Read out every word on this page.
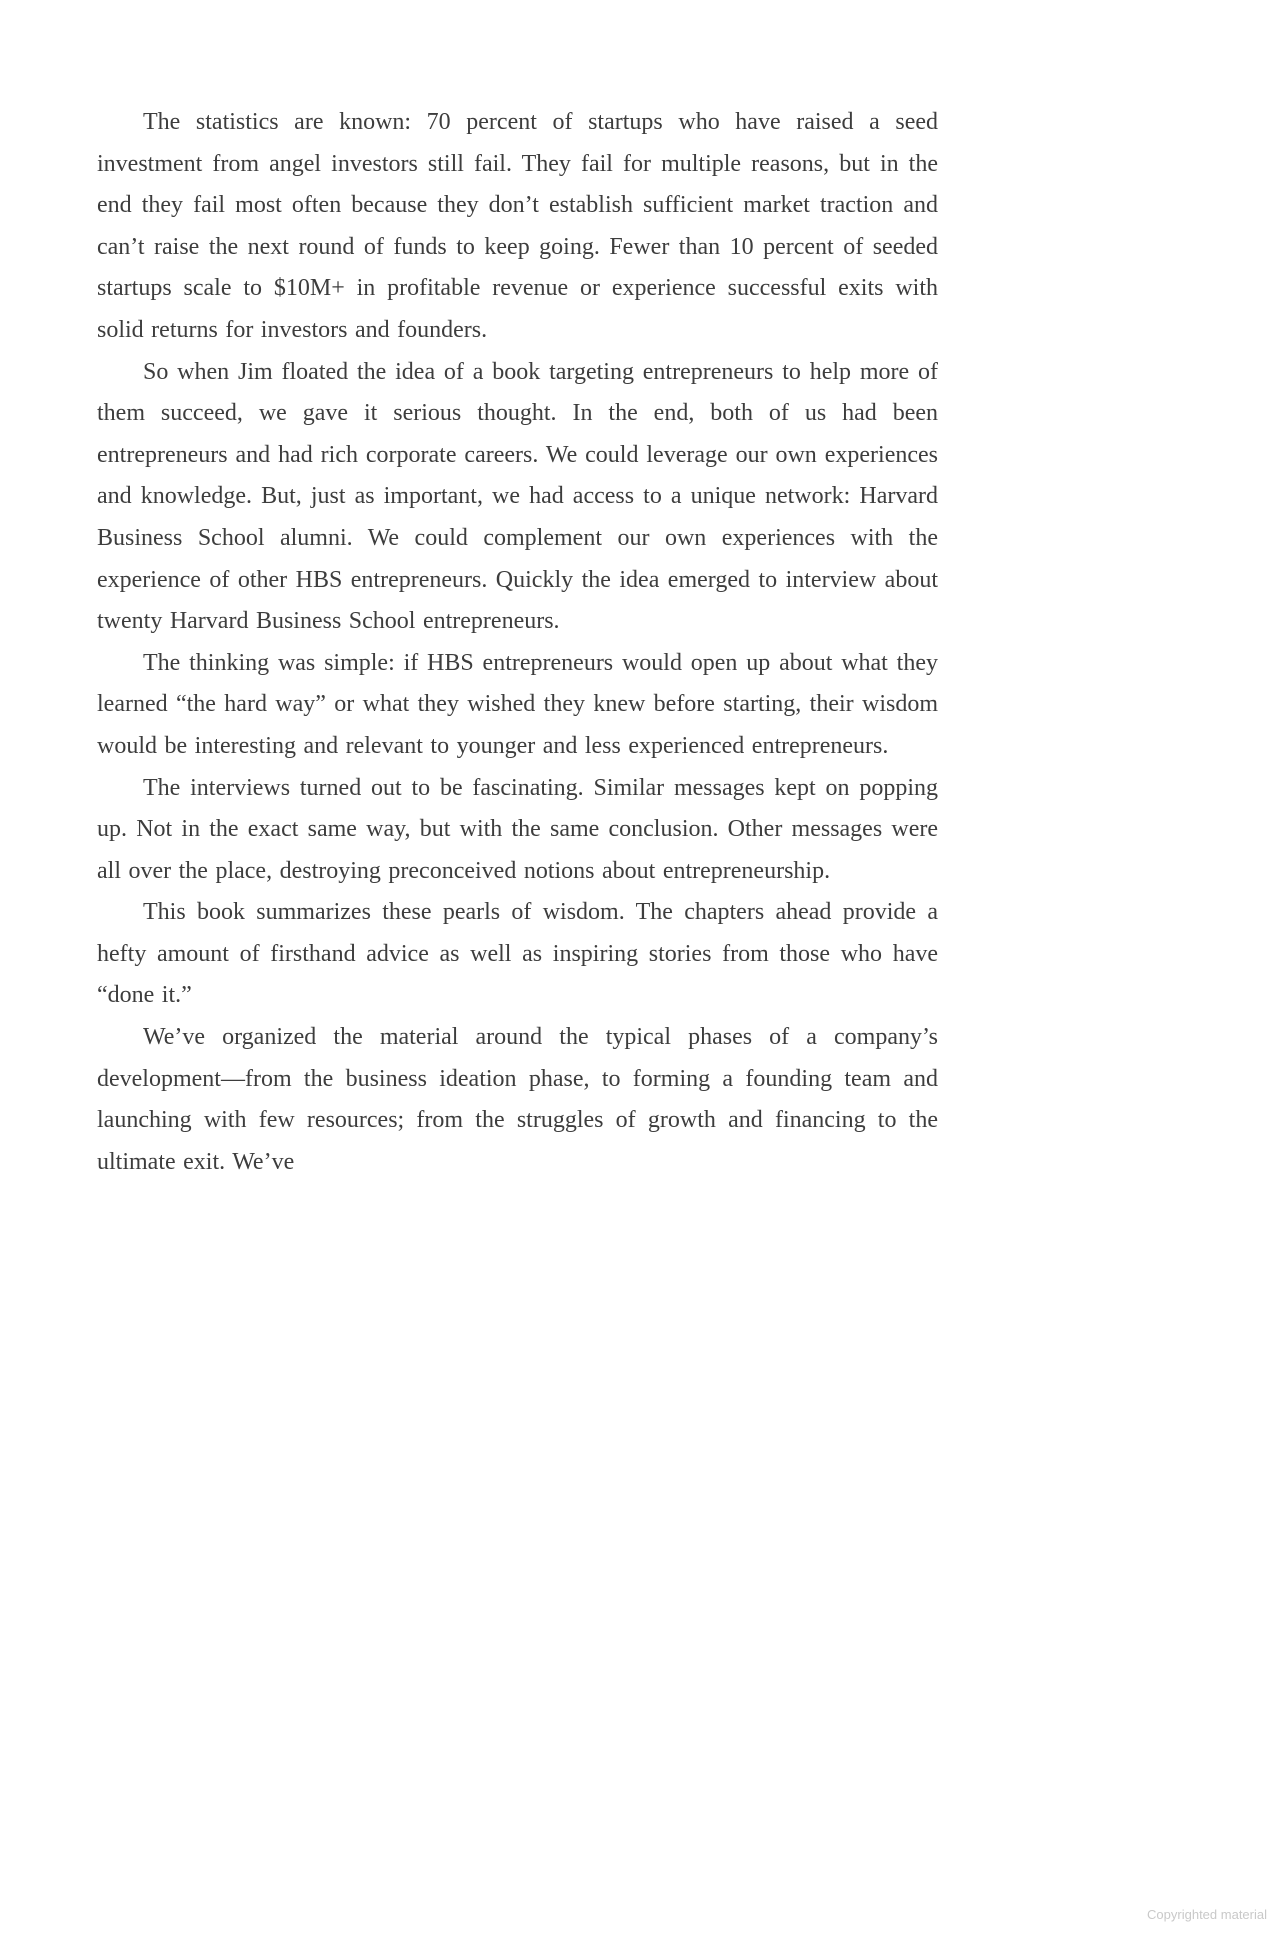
The statistics are known: 70 percent of startups who have raised a seed investment from angel investors still fail. They fail for multiple reasons, but in the end they fail most often because they don’t establish sufficient market traction and can’t raise the next round of funds to keep going. Fewer than 10 percent of seeded startups scale to $10M+ in profitable revenue or experience successful exits with solid returns for investors and founders.

So when Jim floated the idea of a book targeting entrepreneurs to help more of them succeed, we gave it serious thought. In the end, both of us had been entrepreneurs and had rich corporate careers. We could leverage our own experiences and knowledge. But, just as important, we had access to a unique network: Harvard Business School alumni. We could complement our own experiences with the experience of other HBS entrepreneurs. Quickly the idea emerged to interview about twenty Harvard Business School entrepreneurs.

The thinking was simple: if HBS entrepreneurs would open up about what they learned “the hard way” or what they wished they knew before starting, their wisdom would be interesting and relevant to younger and less experienced entrepreneurs.

The interviews turned out to be fascinating. Similar messages kept on popping up. Not in the exact same way, but with the same conclusion. Other messages were all over the place, destroying preconceived notions about entrepreneurship.

This book summarizes these pearls of wisdom. The chapters ahead provide a hefty amount of firsthand advice as well as inspiring stories from those who have “done it.”

We’ve organized the material around the typical phases of a company’s development—from the business ideation phase, to forming a founding team and launching with few resources; from the struggles of growth and financing to the ultimate exit. We’ve

Copyrighted material
